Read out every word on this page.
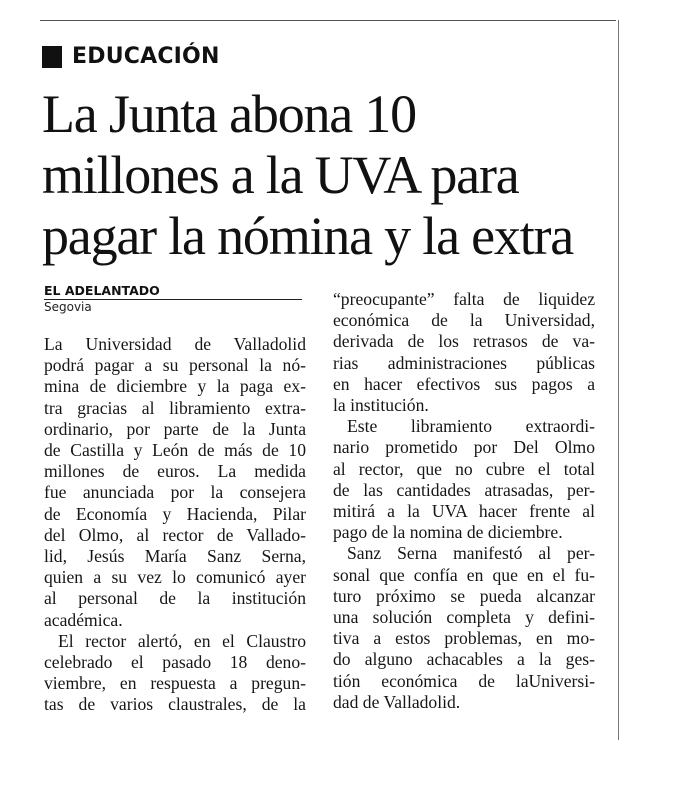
EDUCACIÓN
La Junta abona 10
millones a la UVA para
pagar la nómina y la extra
EL ADELANTADO
Segovia

La Universidad de Valladolid
podrá pagar a su personal la nó-
mina de diciembre y la paga ex-
tra gracias al libramiento extra-
ordinario, por parte de la Junta
de Castilla y León de más de 10
millones de euros. La medida
fue anunciada por la consejera
de Economía y Hacienda, Pilar
del Olmo, al rector de Vallado-
lid, Jesús María Sanz Serna,
quien a su vez lo comunicó ayer
al personal de la institución
académica.

El rector alertó, en el Claustro
celebrado el pasado 18 deno-
viembre, en respuesta a pregun-
tas de varios claustrales, de la

“preocupante” falta de liquidez
económica de la Universidad,
derivada de los retrasos de va-
rias administraciones públicas
en hacer efectivos sus pagos a
la institución.

Este libramiento extraordi-
nario prometido por Del Olmo
al rector, que no cubre el total
de las cantidades atrasadas, per-
mitirá a la UVA hacer frente al
pago de la nomina de diciembre.

Sanz Serna manifestó al per-
sonal que confía en que en el fu-
turo próximo se pueda alcanzar
una solución completa y defini-
tiva a estos problemas, en mo-
do alguno achacables a la ges-
tión económica de laUniversi-
dad de Valladolid.
